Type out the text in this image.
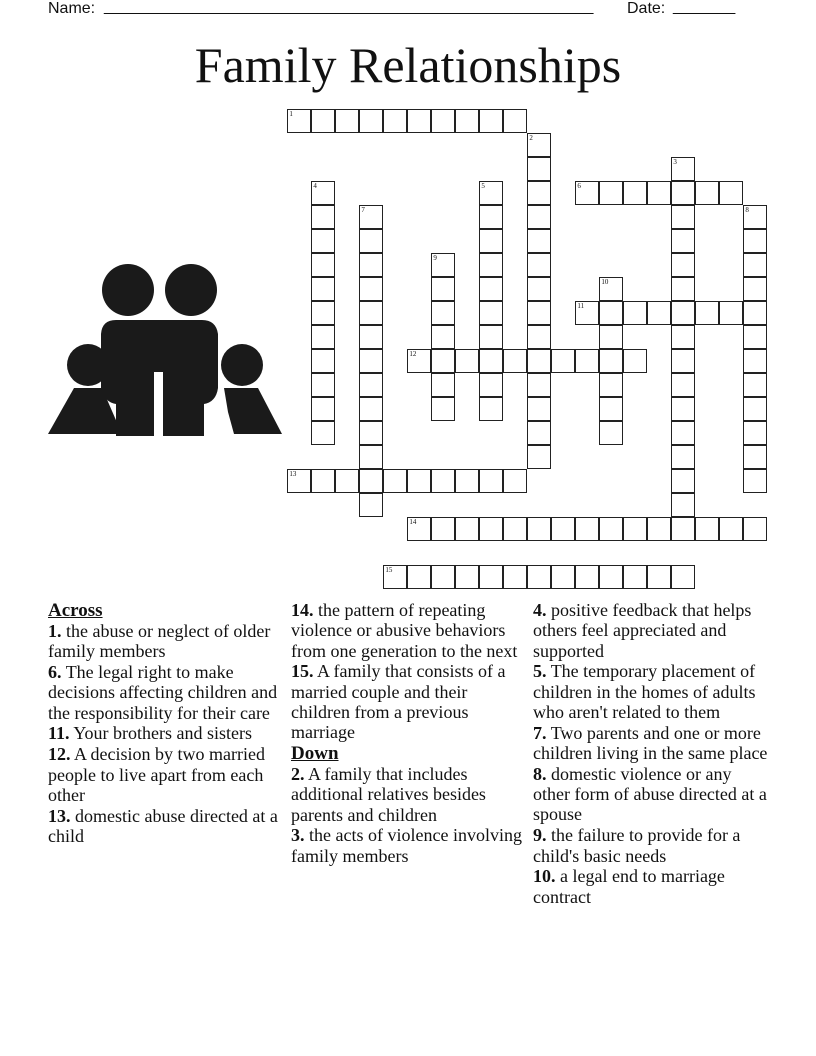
Name: _______________________________________________________ Date: _______
Family Relationships
1
2
3
4	5	6
7	8
9
10
11
12
13
14
15
Across
1. the abuse or neglect of older family members
6. The legal right to make decisions affecting children and the responsibility for their care
11. Your brothers and sisters
12. A decision by two married people to live apart from each other
13. domestic abuse directed at a child
14. the pattern of repeating violence or abusive behaviors from one generation to the next
15. A family that consists of a married couple and their children from a previous marriage
Down
2. A family that includes additional relatives besides parents and children
3. the acts of violence involving family members
4. positive feedback that helps others feel appreciated and supported
5. The temporary placement of children in the homes of adults who aren't related to them
7. Two parents and one or more children living in the same place
8. domestic violence or any other form of abuse directed at a spouse
9. the failure to provide for a child's basic needs
10. a legal end to marriage contract
